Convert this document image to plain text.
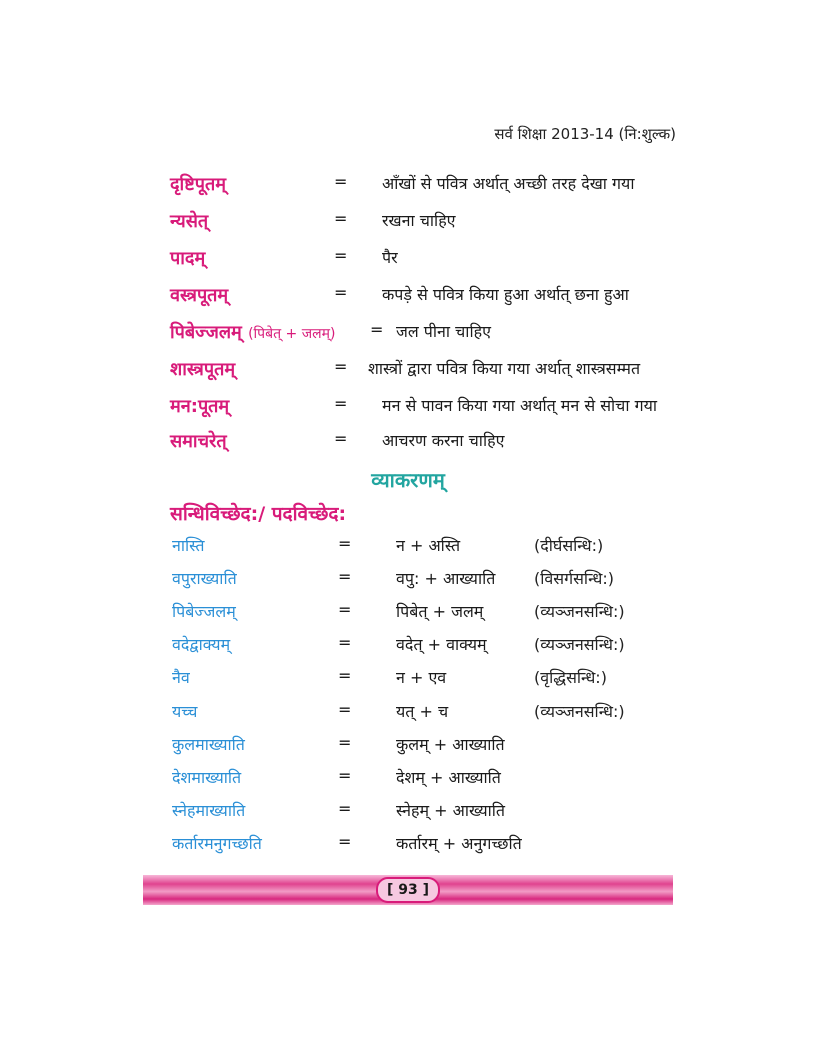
सर्व शिक्षा 2013-14 (नि:शुल्क)
दृष्टिपूतम्	= आँखों से पवित्र अर्थात् अच्छी तरह देखा गया
न्यसेत्	= रखना चाहिए
पादम्	= पैर
वस्त्रपूतम्	= कपड़े से पवित्र किया हुआ अर्थात् छना हुआ
पिबेज्जलम् (पिबेत् + जलम्) = जल पीना चाहिए
शास्त्रपूतम्	= शास्त्रों द्वारा पवित्र किया गया अर्थात् शास्त्रसम्मत
मन:पूतम्	= मन से पावन किया गया अर्थात् मन से सोचा गया
समाचरेत्	= आचरण करना चाहिए
व्याकरणम्
सन्धिविच्छेद:/ पदविच्छेद:
नास्ति	=	न + अस्ति	(दीर्घसन्धि:)
वपुराख्याति	=	वपु: + आख्याति (विसर्गसन्धि:)
पिबेज्जलम्	=	पिबेत् + जलम्	(व्यञ्जनसन्धि:)
वदेद्वाक्यम्	=	वदेत् + वाक्यम्	(व्यञ्जनसन्धि:)
नैव	=	न + एव	(वृद्धिसन्धि:)
यच्च	=	यत् + च	(व्यञ्जनसन्धि:)
कुलमाख्याति	=	कुलम् + आख्याति
देशमाख्याति	=	देशम् + आख्याति
स्नेहमाख्याति	=	स्नेहम् + आख्याति
कर्तारमनुगच्छति	=	कर्तारम् + अनुगच्छति
[ 93 ]
